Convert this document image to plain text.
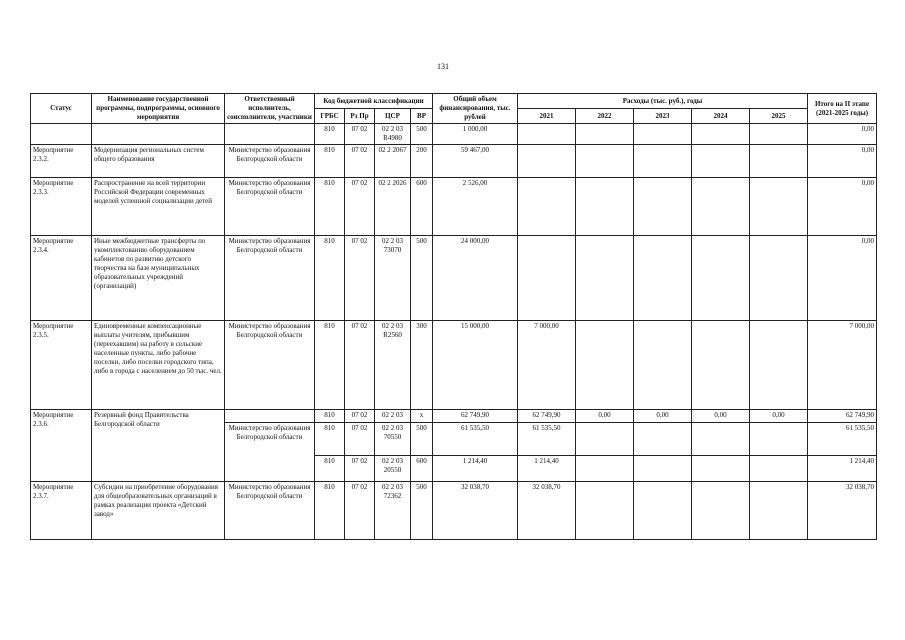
131
Статус	Наименование государственной программы, подпрограммы, основного мероприятия	Ответственный исполнитель, соисполнители, участники	Код бюджетной классификации				Общий объем финансирования, тыс. рублей	Расходы (тыс. руб.), годы					Итого на II этапе (2021-2025 годы)
			ГРБС	Рз Пр	ЦСР	ВР		2021	2022	2023	2024	2025	
			810	07 02	02 2 03 R4980	500	1 000,00						0,00
Мероприятие 2.3.2.	Модернизация региональных систем общего образования	Министерство образования Белгородской области	810	07 02	02 2 2067	200	59 467,00						0,00
Мероприятие 2.3.3.	Распространение на всей территории Российской Федерации современных моделей успешной социализации детей	Министерство образования Белгородской области	810	07 02	02 2 2026	600	2 526,00						0,00
Мероприятие 2.3.4.	Иные межбюджетные трансферты по укомплектованию оборудованием кабинетов по развитию детского творчества на базе муниципальных образовательных учреждений (организаций)	Министерство образования Белгородской области	810	07 02	02 2 03 73070	500	24 000,00						0,00
Мероприятие 2.3.5.	Единовременные компенсационные выплаты учителям, прибывшим (переехавшим) на работу в сельские населенные пункты, либо рабочие поселки, либо поселки городского типа, либо в города с населением до 50 тыс. чел.	Министерство образования Белгородской области	810	07 02	02 2 03 R2560	300	15 000,00	7 000,00					7 000,00
Мероприятие 2.3.6.	Резервный фонд Правительства Белгородской области		810	07 02	02 2 03	x	62 749,90	62 749,90	0,00	0,00	0,00	0,00	62 749,90
		Министерство образования Белгородской области	810	07 02	02 2 03 70550	500	61 535,50	61 535,50					61 535,50
			810	07 02	02 2 03 20550	600	1 214,40	1 214,40					1 214,40
Мероприятие 2.3.7.	Субсидии на приобретение оборудования для общеобразовательных организаций в рамках реализации проекта «Детский завод»	Министерство образования Белгородской области	810	07 02	02 2 03 72362	500	32 038,70	32 038,70					32 038,70
